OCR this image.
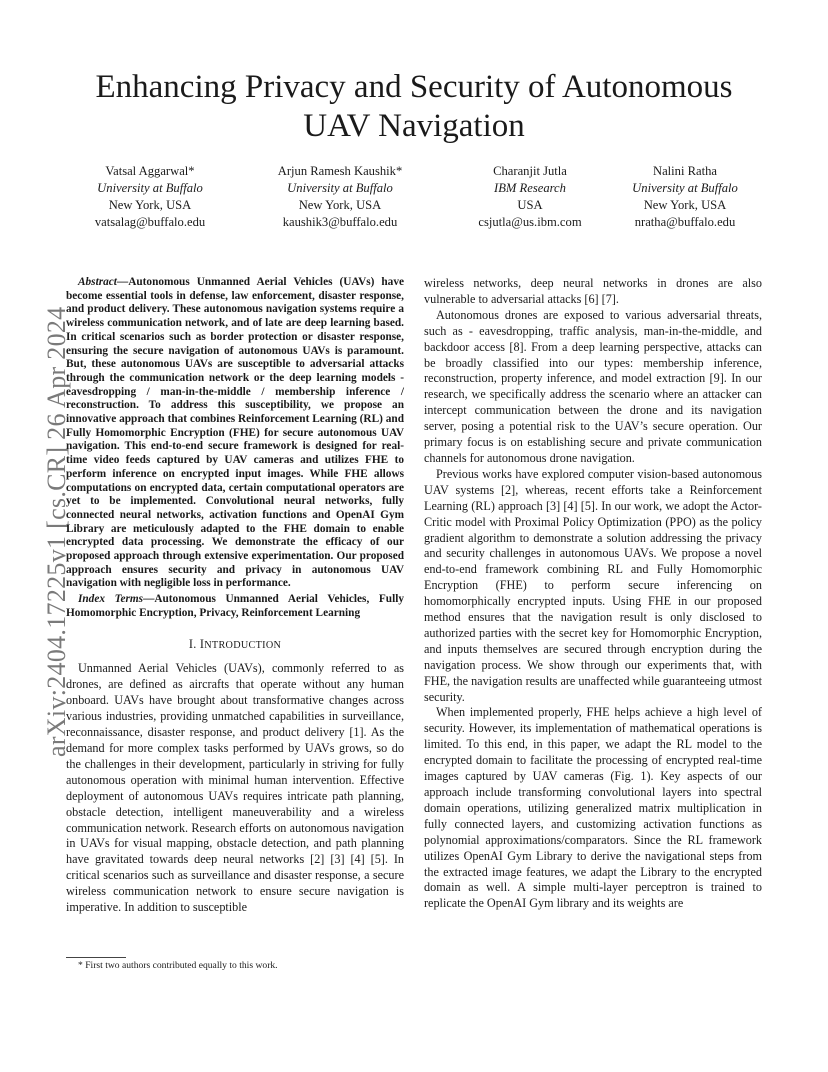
arXiv:2404.17225v1 [cs.CR] 26 Apr 2024
Enhancing Privacy and Security of Autonomous UAV Navigation
Vatsal Aggarwal*
University at Buffalo
New York, USA
vatsalag@buffalo.edu
Arjun Ramesh Kaushik*
University at Buffalo
New York, USA
kaushik3@buffalo.edu
Charanjit Jutla
IBM Research
USA
csjutla@us.ibm.com
Nalini Ratha
University at Buffalo
New York, USA
nratha@buffalo.edu

Abstract—Autonomous Unmanned Aerial Vehicles (UAVs) have become essential tools in defense, law enforcement, disaster response, and product delivery. These autonomous navigation systems require a wireless communication network, and of late are deep learning based. In critical scenarios such as border protection or disaster response, ensuring the secure navigation of autonomous UAVs is paramount. But, these autonomous UAVs are susceptible to adversarial attacks through the communication network or the deep learning models - eavesdropping / man-in-the-middle / membership inference / reconstruction. To address this susceptibility, we propose an innovative approach that combines Reinforcement Learning (RL) and Fully Homomorphic Encryption (FHE) for secure autonomous UAV navigation. This end-to-end secure framework is designed for real-time video feeds captured by UAV cameras and utilizes FHE to perform inference on encrypted input images. While FHE allows computations on encrypted data, certain computational operators are yet to be implemented. Convolutional neural networks, fully connected neural networks, activation functions and OpenAI Gym Library are meticulously adapted to the FHE domain to enable encrypted data processing. We demonstrate the efficacy of our proposed approach through extensive experimentation. Our proposed approach ensures security and privacy in autonomous UAV navigation with negligible loss in performance.

Index Terms—Autonomous Unmanned Aerial Vehicles, Fully Homomorphic Encryption, Privacy, Reinforcement Learning

I. INTRODUCTION

Unmanned Aerial Vehicles (UAVs), commonly referred to as drones, are defined as aircrafts that operate without any human onboard. UAVs have brought about transformative changes across various industries, providing unmatched capabilities in surveillance, reconnaissance, disaster response, and product delivery [1]. As the demand for more complex tasks performed by UAVs grows, so do the challenges in their development, particularly in striving for fully autonomous operation with minimal human intervention. Effective deployment of autonomous UAVs requires intricate path planning, obstacle detection, intelligent maneuverability and a wireless communication network. Research efforts on autonomous navigation in UAVs for visual mapping, obstacle detection, and path planning have gravitated towards deep neural networks [2] [3] [4] [5]. In critical scenarios such as surveillance and disaster response, a secure wireless communication network to ensure secure navigation is imperative. In addition to susceptible

wireless networks, deep neural networks in drones are also vulnerable to adversarial attacks [6] [7].

Autonomous drones are exposed to various adversarial threats, such as - eavesdropping, traffic analysis, man-in-the-middle, and backdoor access [8]. From a deep learning perspective, attacks can be broadly classified into our types: membership inference, reconstruction, property inference, and model extraction [9]. In our research, we specifically address the scenario where an attacker can intercept communication between the drone and its navigation server, posing a potential risk to the UAV’s secure operation. Our primary focus is on establishing secure and private communication channels for autonomous drone navigation.

Previous works have explored computer vision-based autonomous UAV systems [2], whereas, recent efforts take a Reinforcement Learning (RL) approach [3] [4] [5]. In our work, we adopt the Actor-Critic model with Proximal Policy Optimization (PPO) as the policy gradient algorithm to demonstrate a solution addressing the privacy and security challenges in autonomous UAVs. We propose a novel end-to-end framework combining RL and Fully Homomorphic Encryption (FHE) to perform secure inferencing on homomorphically encrypted inputs. Using FHE in our proposed method ensures that the navigation result is only disclosed to authorized parties with the secret key for Homomorphic Encryption, and inputs themselves are secured through encryption during the navigation process. We show through our experiments that, with FHE, the navigation results are unaffected while guaranteeing utmost security.

When implemented properly, FHE helps achieve a high level of security. However, its implementation of mathematical operations is limited. To this end, in this paper, we adapt the RL model to the encrypted domain to facilitate the processing of encrypted real-time images captured by UAV cameras (Fig. 1). Key aspects of our approach include transforming convolutional layers into spectral domain operations, utilizing generalized matrix multiplication in fully connected layers, and customizing activation functions as polynomial approximations/comparators. Since the RL framework utilizes OpenAI Gym Library to derive the navigational steps from the extracted image features, we adapt the Library to the encrypted domain as well. A simple multi-layer perceptron is trained to replicate the OpenAI Gym library and its weights are

* First two authors contributed equally to this work.
